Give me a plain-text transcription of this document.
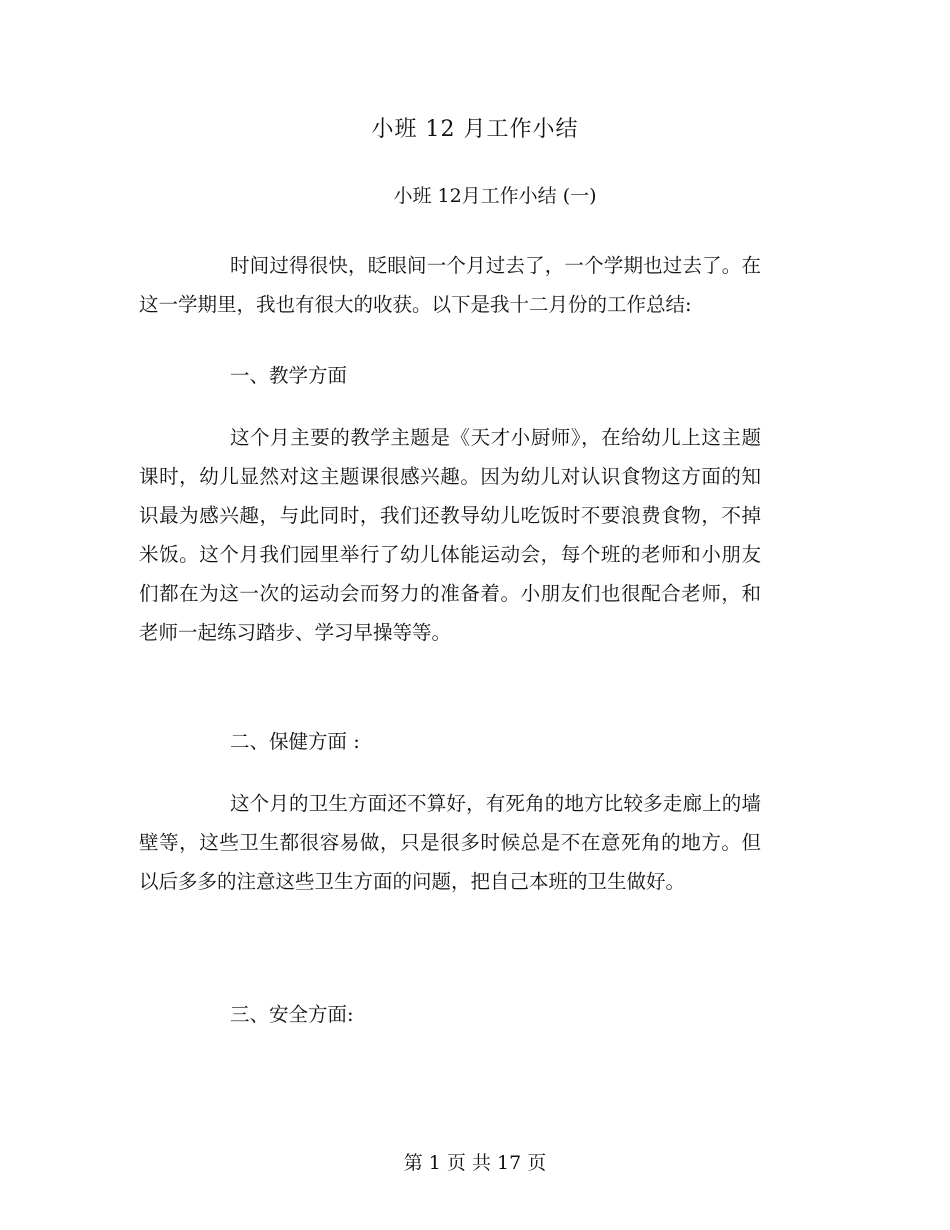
小班 12 月工作小结
小班 12月工作小结 (一)

时间过得很快，眨眼间一个月过去了，一个学期也过去了。在这一学期里，我也有很大的收获。以下是我十二月份的工作总结:

一、教学方面

这个月主要的教学主题是《天才小厨师》，在给幼儿上这主题课时，幼儿显然对这主题课很感兴趣。因为幼儿对认识食物这方面的知识最为感兴趣，与此同时，我们还教导幼儿吃饭时不要浪费食物，不掉米饭。这个月我们园里举行了幼儿体能运动会，每个班的老师和小朋友们都在为这一次的运动会而努力的准备着。小朋友们也很配合老师，和老师一起练习踏步、学习早操等等。

二、保健方面 :

这个月的卫生方面还不算好，有死角的地方比较多走廊上的墙壁等，这些卫生都很容易做，只是很多时候总是不在意死角的地方。但以后多多的注意这些卫生方面的问题，把自己本班的卫生做好。

三、安全方面:

第 1 页 共 17 页
